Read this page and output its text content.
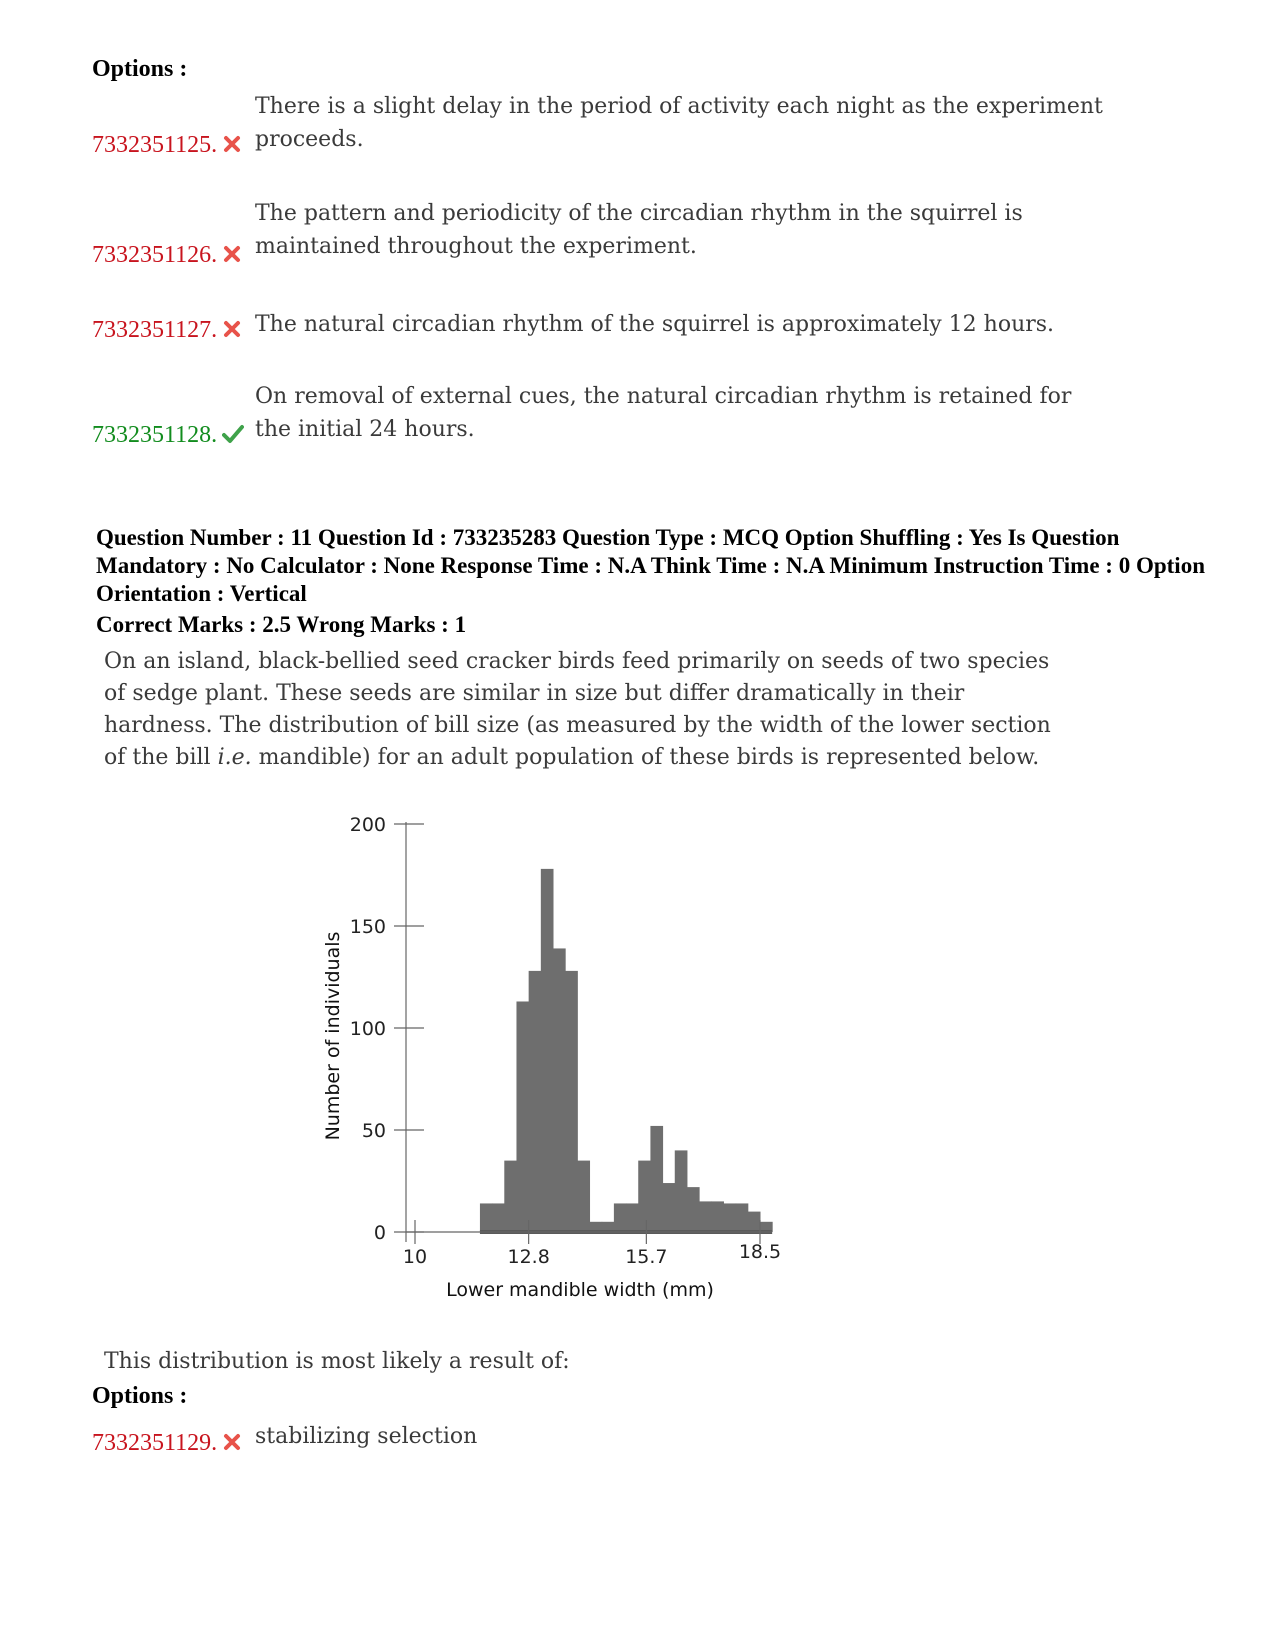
Options :
7332351125.
There is a slight delay in the period of activity each night as the experiment proceeds.
7332351126.
The pattern and periodicity of the circadian rhythm in the squirrel is maintained throughout the experiment.
7332351127. The natural circadian rhythm of the squirrel is approximately 12 hours.
7332351128.
On removal of external cues, the natural circadian rhythm is retained for the initial 24 hours.
Question Number : 11 Question Id : 733235283 Question Type : MCQ Option Shuffling : Yes Is Question Mandatory : No Calculator : None Response Time : N.A Think Time : N.A Minimum Instruction Time : 0 Option Orientation : Vertical
Correct Marks : 2.5 Wrong Marks : 1
On an island, black-bellied seed cracker birds feed primarily on seeds of two species of sedge plant. These seeds are similar in size but differ dramatically in their hardness. The distribution of bill size (as measured by the width of the lower section of the bill i.e. mandible) for an adult population of these birds is represented below.
0
50
100
150
200
10	12.8	15.7	18.5
Lower mandible width (mm)
Number of individuals
This distribution is most likely a result of:
Options :
7332351129. stabilizing selection
